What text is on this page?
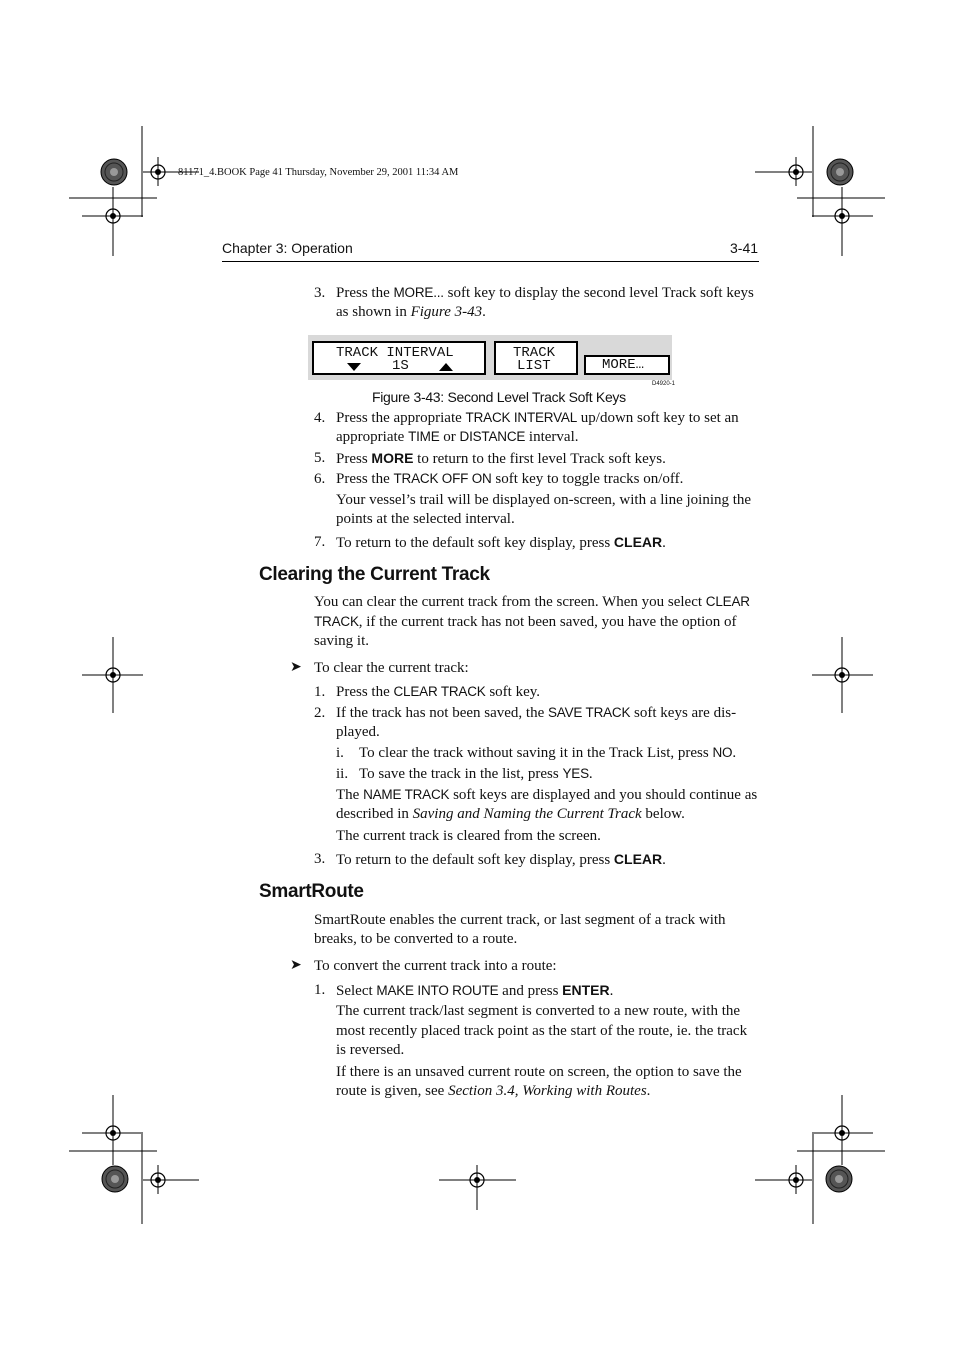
81171_4.BOOK Page 41 Thursday, November 29, 2001 11:34 AM
Chapter 3: Operation	3-41
3. Press the MORE... soft key to display the second level Track soft keys
as shown in Figure 3-43.
TRACK INTERVAL
1S
TRACK
LIST	MORE…
D4920-1
Figure 3-43: Second Level Track Soft Keys
4. Press the appropriate TRACK INTERVAL up/down soft key to set an
appropriate TIME or DISTANCE interval.
5. Press MORE to return to the first level Track soft keys.
6. Press the TRACK OFF ON soft key to toggle tracks on/off.
Your vessel’s trail will be displayed on-screen, with a line joining the
points at the selected interval.
7. To return to the default soft key display, press CLEAR.
Clearing the Current Track
You can clear the current track from the screen. When you select CLEAR
TRACK, if the current track has not been saved, you have the option of
saving it.
➤ To clear the current track:
1. Press the CLEAR TRACK soft key.
2. If the track has not been saved, the SAVE TRACK soft keys are dis-
played.
i. To clear the track without saving it in the Track List, press NO.
ii. To save the track in the list, press YES.
The NAME TRACK soft keys are displayed and you should continue as
described in Saving and Naming the Current Track below.
The current track is cleared from the screen.
3. To return to the default soft key display, press CLEAR.
SmartRoute
SmartRoute enables the current track, or last segment of a track with
breaks, to be converted to a route.
➤ To convert the current track into a route:
1. Select MAKE INTO ROUTE and press ENTER.
The current track/last segment is converted to a new route, with the
most recently placed track point as the start of the route, ie. the track
is reversed.
If there is an unsaved current route on screen, the option to save the
route is given, see Section 3.4, Working with Routes.
